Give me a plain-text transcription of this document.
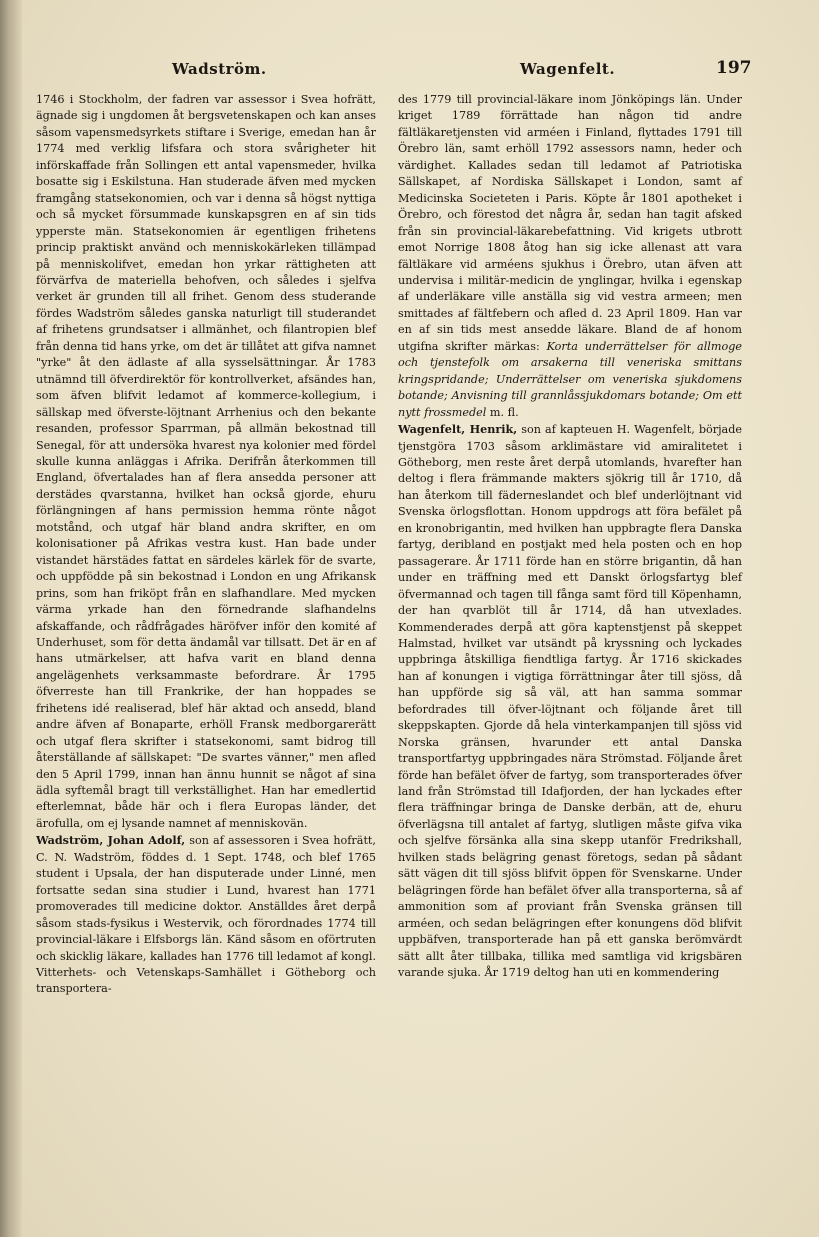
Wadström.	Wagenfelt.	197

1746 i Stockholm, der fadren var assessor i Svea hofrätt, ägnade sig i ungdomen åt bergsvetenskapen och kan anses såsom vapensmedsyrkets stiftare i Sverige, emedan han år 1774 med verklig lifsfara och stora svårigheter hit införskaffade från Sollingen ett antal vapensmeder, hvilka bosatte sig i Eskilstuna. Han studerade äfven med mycken framgång statsekonomien, och var i denna så högst nyttiga och så mycket försummade kunskapsgren en af sin tids ypperste män. Statsekonomien är egentligen frihetens princip praktiskt använd och menniskokärleken tillämpad på menniskolifvet, emedan hon yrkar rättigheten att förvärfva de materiella behofven, och således i sjelfva verket är grunden till all frihet. Genom dess studerande fördes Wadström således ganska naturligt till studerandet af frihetens grundsatser i allmänhet, och filantropien blef från denna tid hans yrke, om det är tillåtet att gifva namnet "yrke" åt den ädlaste af alla sysselsättningar. År 1783 utnämnd till öfverdirektör för kontrollverket, afsändes han, som äfven blifvit ledamot af kommerce-kollegium, i sällskap med öfverste-löjtnant Arrhenius och den bekante resanden, professor Sparrman, på allmän bekostnad till Senegal, för att undersöka hvarest nya kolonier med fördel skulle kunna anläggas i Afrika. Derifrån återkommen till England, öfvertalades han af flera ansedda personer att derstädes qvarstanna, hvilket han också gjorde, ehuru förlängningen af hans permission hemma rönte något motstånd, och utgaf här bland andra skrifter, en om kolonisationer på Afrikas vestra kust. Han bade under vistandet härstädes fattat en särdeles kärlek för de svarte, och uppfödde på sin bekostnad i London en ung Afrikansk prins, som han friköpt från en slafhandlare. Med mycken värma yrkade han den förnedrande slafhandelns afskaffande, och rådfrågades häröfver inför den komité af Underhuset, som för detta ändamål var tillsatt. Det är en af hans utmärkelser, att hafva varit en bland denna angelägenhets verksammaste befordrare. År 1795 öfverreste han till Frankrike, der han hoppades se frihetens idé realiserad, blef här aktad och ansedd, bland andre äfven af Bonaparte, erhöll Fransk medborgarerätt och utgaf flera skrifter i statsekonomi, samt bidrog till återställande af sällskapet: "De svartes vänner," men afled den 5 April 1799, innan han ännu hunnit se något af sina ädla syftemål bragt till verkställighet. Han har emedlertid efterlemnat, både här och i flera Europas länder, det ärofulla, om ej lysande namnet af menniskovän.

Wadström, Johan Adolf, son af assessoren i Svea hofrätt, C. N. Wadström, föddes d. 1 Sept. 1748, och blef 1765 student i Upsala, der han disputerade under Linné, men fortsatte sedan sina studier i Lund, hvarest han 1771 promoverades till medicine doktor. Anställdes året derpå såsom stads-fysikus i Westervik, och förordnades 1774 till provincial-läkare i Elfsborgs län. Känd såsom en oförtruten och skicklig läkare, kallades han 1776 till ledamot af kongl. Vitterhets- och Vetenskaps-Samhället i Götheborg och transportera-

des 1779 till provincial-läkare inom Jönköpings län. Under kriget 1789 förrättade han någon tid andre fältläkaretjensten vid arméen i Finland, flyttades 1791 till Örebro län, samt erhöll 1792 assessors namn, heder och värdighet. Kallades sedan till ledamot af Patriotiska Sällskapet, af Nordiska Sällskapet i London, samt af Medicinska Societeten i Paris. Köpte år 1801 apotheket i Örebro, och förestod det några år, sedan han tagit afsked från sin provincial-läkarebefattning. Vid krigets utbrott emot Norrige 1808 åtog han sig icke allenast att vara fältläkare vid arméens sjukhus i Örebro, utan äfven att undervisa i militär-medicin de ynglingar, hvilka i egenskap af underläkare ville anställa sig vid vestra armeen; men smittades af fältfebern och afled d. 23 April 1809. Han var en af sin tids mest ansedde läkare. Bland de af honom utgifna skrifter märkas: Korta underrättelser för allmoge och tjenstefolk om arsakerna till veneriska smittans kringspridande; Underrättelser om veneriska sjukdomens botande; Anvisning till grannlåssjukdomars botande; Om ett nytt frossmedel m. fl.

Wagenfelt, Henrik, son af kapteuen H. Wagenfelt, började tjenstgöra 1703 såsom arklimästare vid amiralitetet i Götheborg, men reste året derpå utomlands, hvarefter han deltog i flera främmande makters sjökrig till år 1710, då han återkom till fäderneslandet och blef underlöjtnant vid Svenska örlogsflottan. Honom uppdrogs att föra befälet på en kronobrigantin, med hvilken han uppbragte flera Danska fartyg, deribland en postjakt med hela posten och en hop passagerare. År 1711 förde han en större brigantin, då han under en träffning med ett Danskt örlogsfartyg blef öfvermannad och tagen till fånga samt förd till Köpenhamn, der han qvarblöt till år 1714, då han utvexlades. Kommenderades derpå att göra kaptenstjenst på skeppet Halmstad, hvilket var utsändt på kryssning och lyckades uppbringa åtskilliga fiendtliga fartyg. År 1716 skickades han af konungen i vigtiga förrättningar åter till sjöss, då han uppförde sig så väl, att han samma sommar befordrades till öfver-löjtnant och följande året till skeppskapten. Gjorde då hela vinterkampanjen till sjöss vid Norska gränsen, hvarunder ett antal Danska transportfartyg uppbringades nära Strömstad. Följande året förde han befälet öfver de fartyg, som transporterades öfver land från Strömstad till Idafjorden, der han lyckades efter flera träffningar bringa de Danske derbän, att de, ehuru öfverlägsna till antalet af fartyg, slutligen måste gifva vika och sjelfve försänka alla sina skepp utanför Fredrikshall, hvilken stads belägring genast företogs, sedan på sådant sätt vägen dit till sjöss blifvit öppen för Svenskarne. Under belägringen förde han befälet öfver alla transporterna, så af ammonition som af proviant från Svenska gränsen till arméen, och sedan belägringen efter konungens död blifvit uppbäfven, transporterade han på ett ganska berömvärdt sätt allt åter tillbaka, tillika med samtliga vid krigsbären varande sjuka. År 1719 deltog han uti en kommendering
